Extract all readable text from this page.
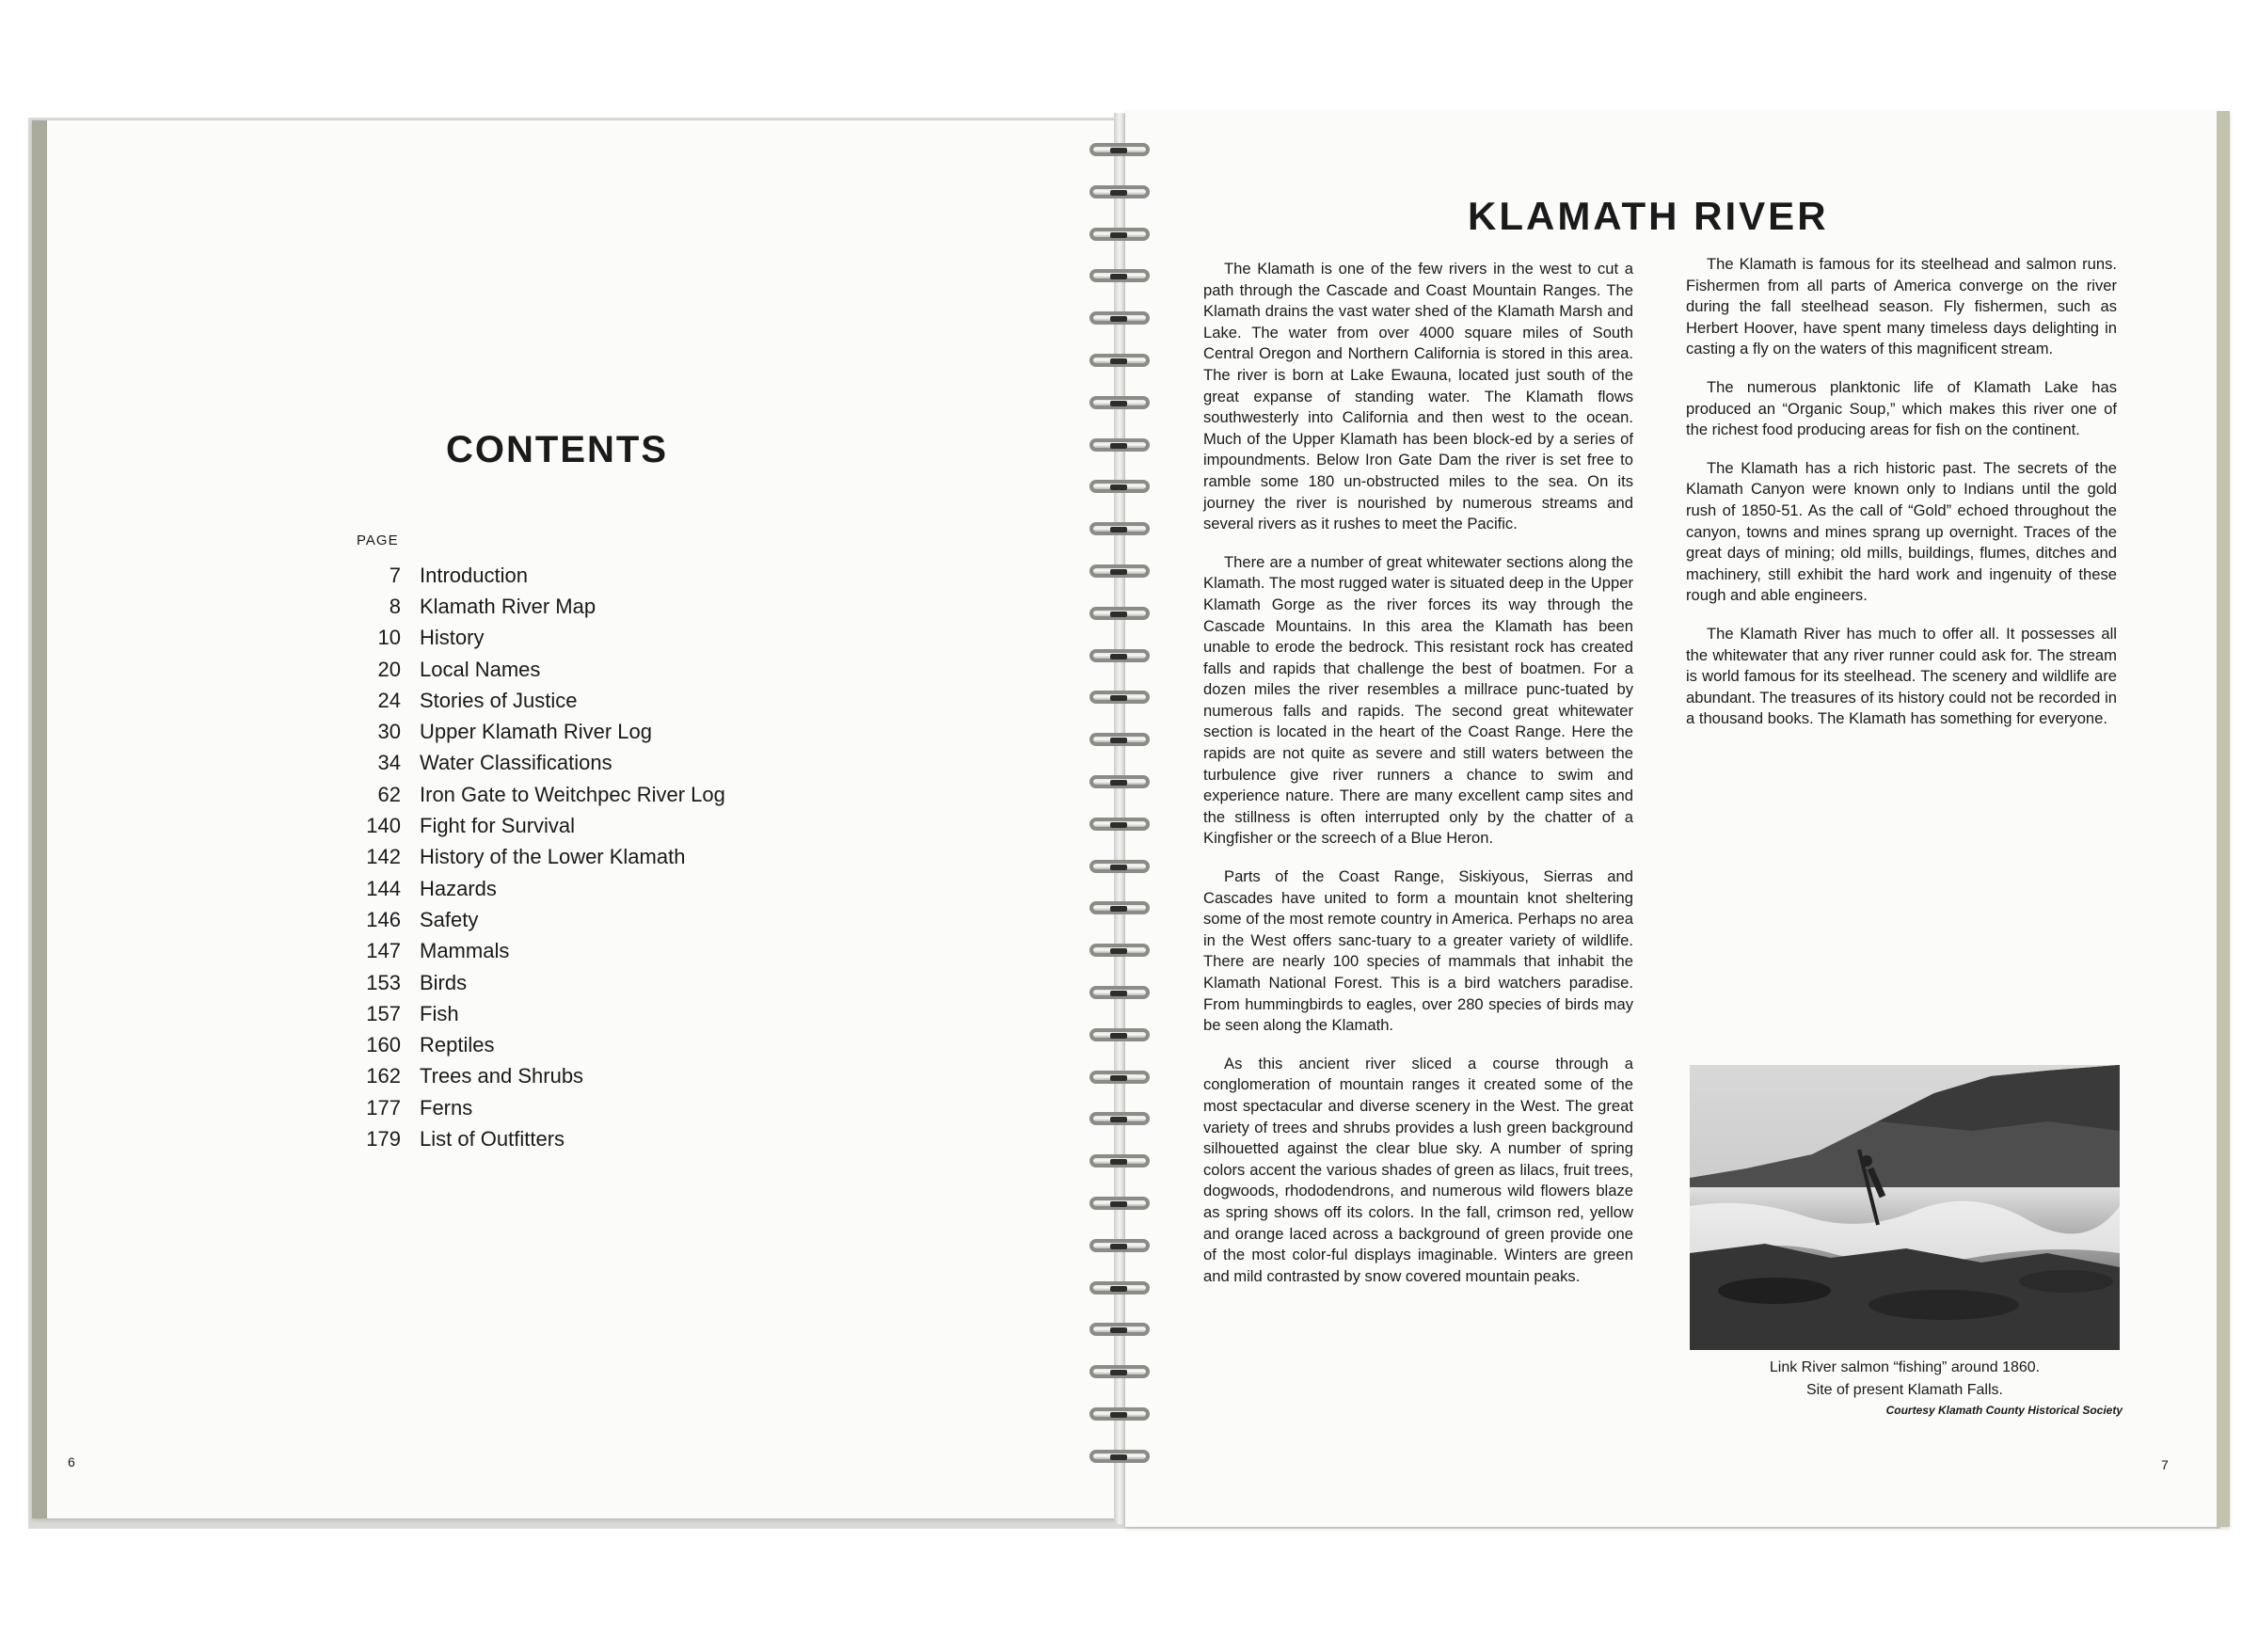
CONTENTS
PAGE
7 Introduction
8 Klamath River Map
10 History
20 Local Names
24 Stories of Justice
30 Upper Klamath River Log
34 Water Classifications
62 Iron Gate to Weitchpec River Log
140 Fight for Survival
142 History of the Lower Klamath
144 Hazards
146 Safety
147 Mammals
153 Birds
157 Fish
160 Reptiles
162 Trees and Shrubs
177 Ferns
179 List of Outfitters
6
KLAMATH RIVER

The Klamath is one of the few rivers in the west to cut a path through the Cascade and Coast Mountain Ranges. The Klamath drains the vast water shed of the Klamath Marsh and Lake. The water from over 4000 square miles of South Central Oregon and Northern California is stored in this area. The river is born at Lake Ewauna, located just south of the great expanse of standing water. The Klamath flows southwesterly into California and then west to the ocean. Much of the Upper Klamath has been block-ed by a series of impoundments. Below Iron Gate Dam the river is set free to ramble some 180 un-obstructed miles to the sea. On its journey the river is nourished by numerous streams and several rivers as it rushes to meet the Pacific.

There are a number of great whitewater sections along the Klamath. The most rugged water is situated deep in the Upper Klamath Gorge as the river forces its way through the Cascade Mountains. In this area the Klamath has been unable to erode the bedrock. This resistant rock has created falls and rapids that challenge the best of boatmen. For a dozen miles the river resembles a millrace punc-tuated by numerous falls and rapids. The second great whitewater section is located in the heart of the Coast Range. Here the rapids are not quite as severe and still waters between the turbulence give river runners a chance to swim and experience nature. There are many excellent camp sites and the stillness is often interrupted only by the chatter of a Kingfisher or the screech of a Blue Heron.

Parts of the Coast Range, Siskiyous, Sierras and Cascades have united to form a mountain knot sheltering some of the most remote country in America. Perhaps no area in the West offers sanc-tuary to a greater variety of wildlife. There are nearly 100 species of mammals that inhabit the Klamath National Forest. This is a bird watchers paradise. From hummingbirds to eagles, over 280 species of birds may be seen along the Klamath.

As this ancient river sliced a course through a conglomeration of mountain ranges it created some of the most spectacular and diverse scenery in the West. The great variety of trees and shrubs provides a lush green background silhouetted against the clear blue sky. A number of spring colors accent the various shades of green as lilacs, fruit trees, dogwoods, rhododendrons, and numerous wild flowers blaze as spring shows off its colors. In the fall, crimson red, yellow and orange laced across a background of green provide one of the most color-ful displays imaginable. Winters are green and mild contrasted by snow covered mountain peaks.

The Klamath is famous for its steelhead and salmon runs. Fishermen from all parts of America converge on the river during the fall steelhead season. Fly fishermen, such as Herbert Hoover, have spent many timeless days delighting in casting a fly on the waters of this magnificent stream.

The numerous planktonic life of Klamath Lake has produced an “Organic Soup,” which makes this river one of the richest food producing areas for fish on the continent.

The Klamath has a rich historic past. The secrets of the Klamath Canyon were known only to Indians until the gold rush of 1850-51. As the call of “Gold” echoed throughout the canyon, towns and mines sprang up overnight. Traces of the great days of mining; old mills, buildings, flumes, ditches and machinery, still exhibit the hard work and ingenuity of these rough and able engineers.

The Klamath River has much to offer all. It possesses all the whitewater that any river runner could ask for. The stream is world famous for its steelhead. The scenery and wildlife are abundant. The treasures of its history could not be recorded in a thousand books. The Klamath has something for everyone.

Link River salmon “fishing” around 1860.
Site of present Klamath Falls.
Courtesy Klamath County Historical Society
7
